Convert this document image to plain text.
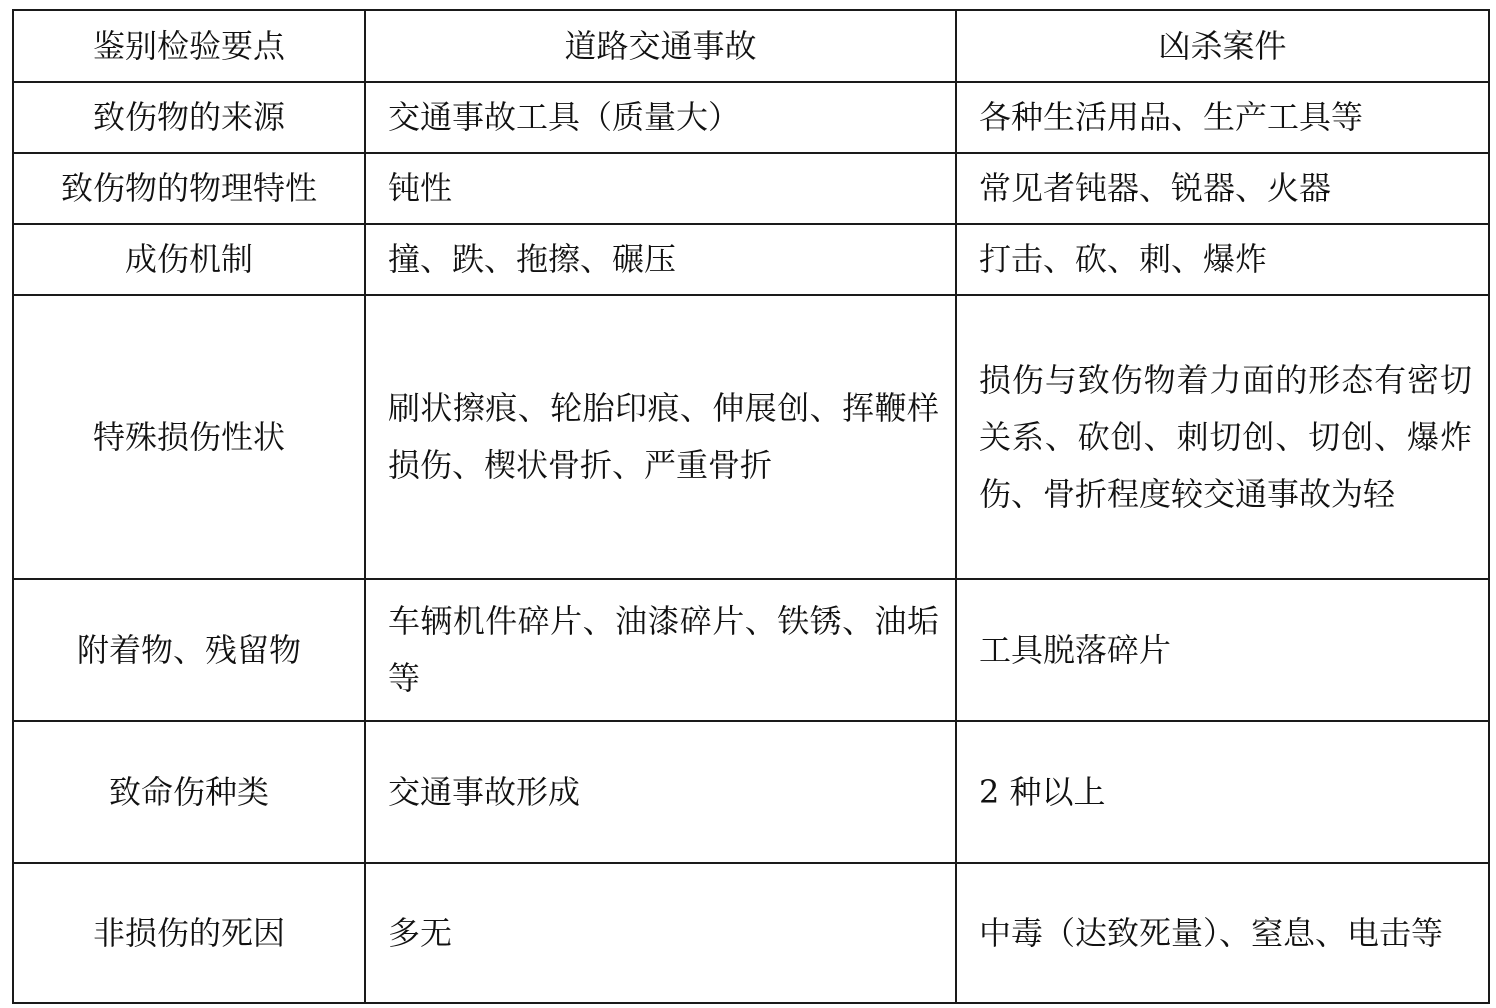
鉴别检验要点	道路交通事故	凶杀案件
致伤物的来源	交通事故工具（质量大）	各种生活用品、生产工具等
致伤物的物理特性	钝性	常见者钝器、锐器、火器
成伤机制	撞、跌、拖擦、碾压	打击、砍、刺、爆炸
特殊损伤性状	刷状擦痕、轮胎印痕、伸展创、挥鞭样损伤、楔状骨折、严重骨折	损伤与致伤物着力面的形态有密切关系、砍创、刺切创、切创、爆炸伤、骨折程度较交通事故为轻
附着物、残留物	车辆机件碎片、油漆碎片、铁锈、油垢等	工具脱落碎片
致命伤种类	交通事故形成	2 种以上
非损伤的死因	多无	中毒（达致死量）、窒息、电击等
